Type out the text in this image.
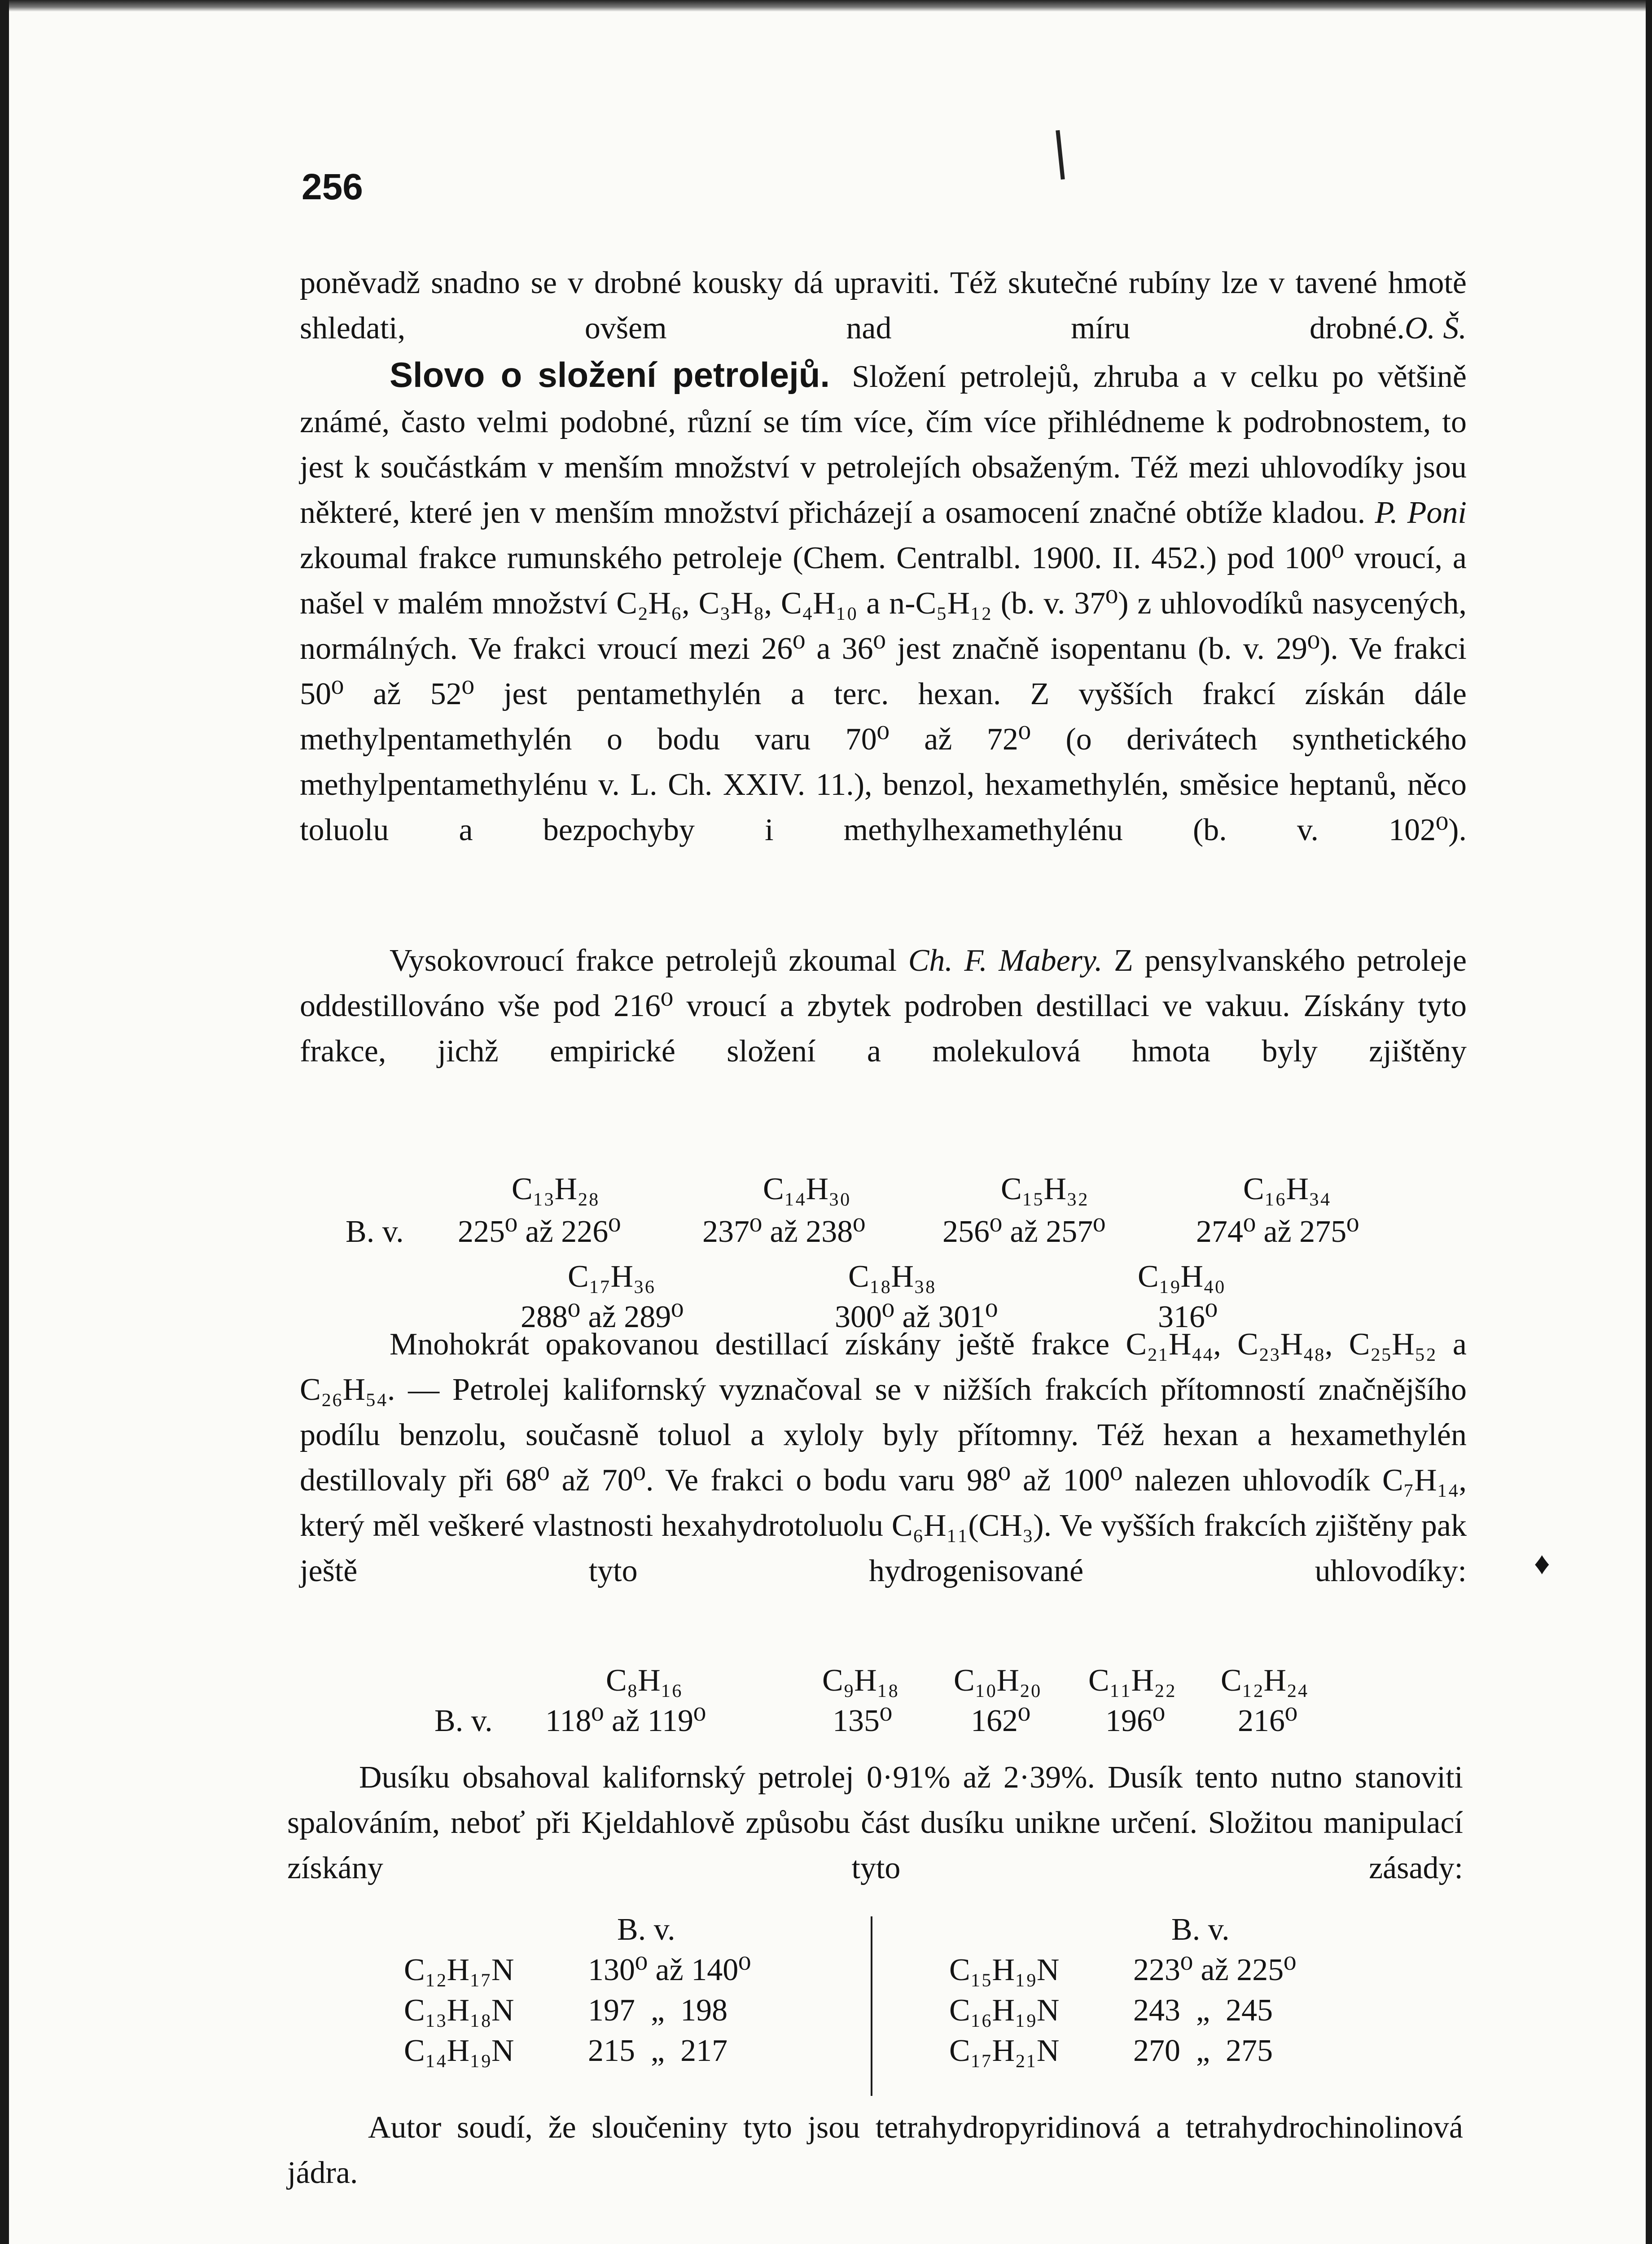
256

poněvadž snadno se v drobné kousky dá upraviti. Též skutečné rubíny lze v tavené hmotě shledati, ovšem nad míru drobné. O. Š.

Slovo o složení petrolejů. Složení petrolejů, zhruba a v celku po většině známé, často velmi podobné, různí se tím více, čím více přihlédneme k podrobnostem, to jest k součástkám v menším množství v petrolejích obsaženým. Též mezi uhlovodíky jsou některé, které jen v menším množství přicházejí a osamocení značné obtíže kladou. P. Poni zkoumal frakce rumunského petroleje (Chem. Centralbl. 1900. II. 452.) pod 100⁰ vroucí, a našel v malém množství C₂H₆, C₃H₈, C₄H₁₀ a n-C₅H₁₂ (b. v. 37⁰) z uhlovodíků nasycených, normálných. Ve frakci vroucí mezi 26⁰ a 36⁰ jest značně isopentanu (b. v. 29⁰). Ve frakci 50⁰ až 52⁰ jest pentamethylén a terc. hexan. Z vyšších frakcí získán dále methylpentamethylén o bodu varu 70⁰ až 72⁰ (o derivátech synthetického methylpentamethylénu v. L. Ch. XXIV. 11.), benzol, hexamethylén, směsice heptanů, něco toluolu a bezpochyby i methylhexamethylénu (b. v. 102⁰).

Vysokovroucí frakce petrolejů zkoumal Ch. F. Mabery. Z pensylvanského petroleje oddestillováno vše pod 216⁰ vroucí a zbytek podroben destillaci ve vakuu. Získány tyto frakce, jichž empirické složení a molekulová hmota byly zjištěny

B. v.
C₁₃H₂₈
225⁰ až 226⁰
C₁₄H₃₀
237⁰ až 238⁰
C₁₅H₃₂
256⁰ až 257⁰
C₁₆H₃₄
274⁰ až 275⁰
C₁₇H₃₆
288⁰ až 289⁰
C₁₈H₃₈
300⁰ až 301⁰
C₁₉H₄₀
316⁰

Mnohokrát opakovanou destillací získány ještě frakce C₂₁H₄₄, C₂₃H₄₈, C₂₅H₅₂ a C₂₆H₅₄. — Petrolej kalifornský vyznačoval se v nižších frakcích přítomností značnějšího podílu benzolu, současně toluol a xyloly byly přítomny. Též hexan a hexamethylén destillovaly při 68⁰ až 70⁰. Ve frakci o bodu varu 98⁰ až 100⁰ nalezen uhlovodík C₇H₁₄, který měl veškeré vlastnosti hexahydrotoluolu C₆H₁₁(CH₃). Ve vyšších frakcích zjištěny pak ještě tyto hydrogenisované uhlovodíky: ♦
B. v.
C₈H₁₆
118⁰ až 119⁰
C₉H₁₈
135⁰
C₁₀H₂₀
162⁰
C₁₁H₂₂
196⁰
C₁₂H₂₄
216⁰

Dusíku obsahoval kalifornský petrolej 0·91% až 2·39%. Dusík tento nutno stanoviti spalováním, neboť při Kjeldahlově způsobu část dusíku unikne určení. Složitou manipulací získány tyto zásady:

B. v.	B. v.
C₁₂H₁₇N 130⁰ až 140⁰
C₁₃H₁₈N 197  „  198
C₁₄H₁₉N 215  „  217
C₁₅H₁₉N 223⁰ až 225⁰
C₁₆H₁₉N 243  „  245
C₁₇H₂₁N 270  „  275

Autor soudí, že sloučeniny tyto jsou tetrahydropyridinová a tetrahydrochinolinová jádra.
